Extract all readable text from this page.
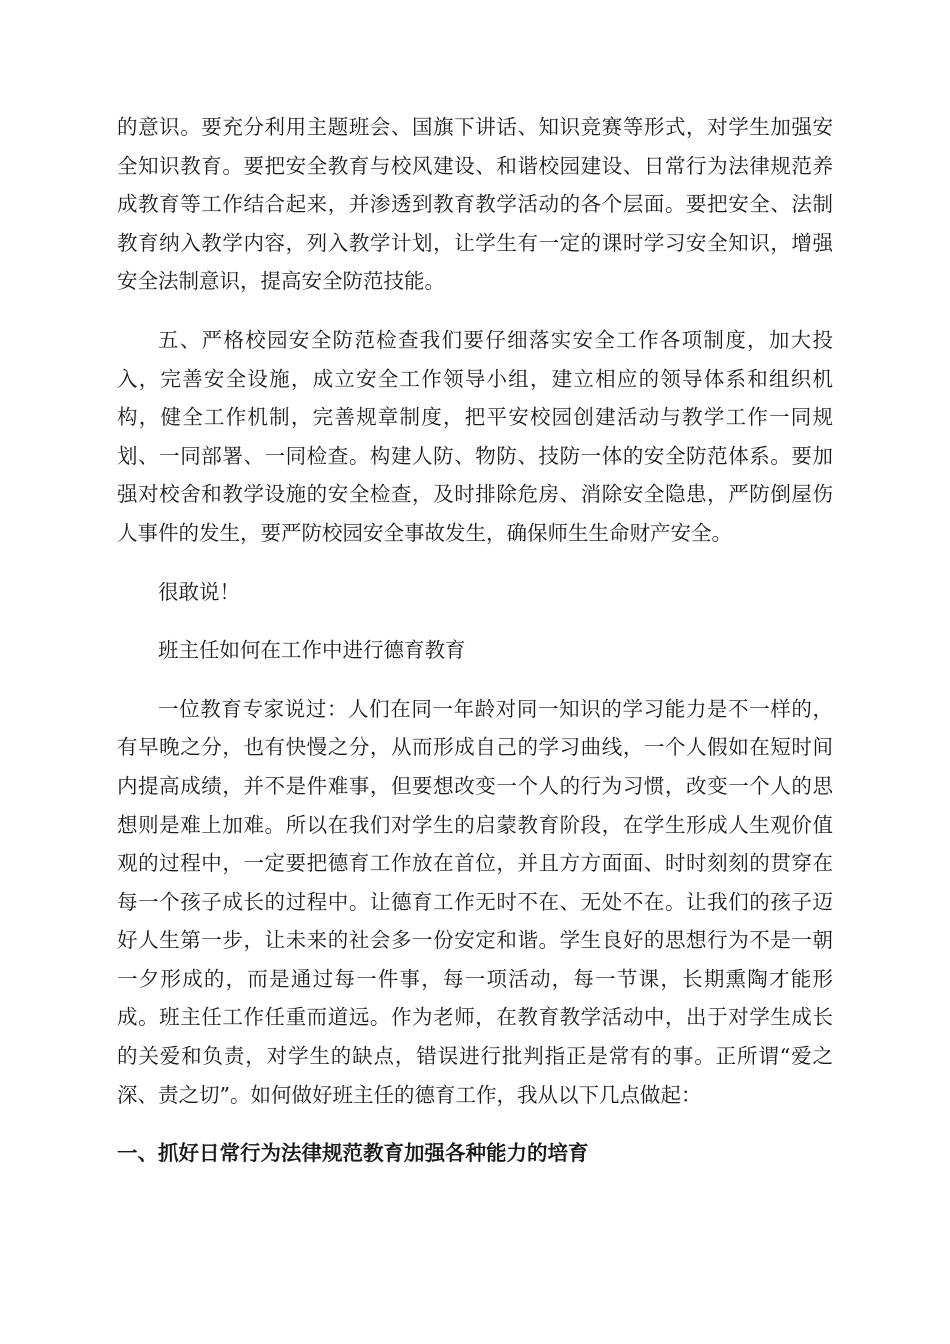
的意识。要充分利用主题班会、国旗下讲话、知识竞赛等形式，对学生加强安全知识教育。要把安全教育与校风建设、和谐校园建设、日常行为法律规范养成教育等工作结合起来，并渗透到教育教学活动的各个层面。要把安全、法制教育纳入教学内容，列入教学计划，让学生有一定的课时学习安全知识，增强安全法制意识，提高安全防范技能。

五、严格校园安全防范检查我们要仔细落实安全工作各项制度，加大投入，完善安全设施，成立安全工作领导小组，建立相应的领导体系和组织机构，健全工作机制，完善规章制度，把平安校园创建活动与教学工作一同规划、一同部署、一同检查。构建人防、物防、技防一体的安全防范体系。要加强对校舍和教学设施的安全检查，及时排除危房、消除安全隐患，严防倒屋伤人事件的发生，要严防校园安全事故发生，确保师生生命财产安全。

很敢说！

班主任如何在工作中进行德育教育

一位教育专家说过：人们在同一年龄对同一知识的学习能力是不一样的，有早晚之分，也有快慢之分，从而形成自己的学习曲线，一个人假如在短时间内提高成绩，并不是件难事，但要想改变一个人的行为习惯，改变一个人的思想则是难上加难。所以在我们对学生的启蒙教育阶段，在学生形成人生观价值观的过程中，一定要把德育工作放在首位，并且方方面面、时时刻刻的贯穿在每一个孩子成长的过程中。让德育工作无时不在、无处不在。让我们的孩子迈好人生第一步，让未来的社会多一份安定和谐。学生良好的思想行为不是一朝一夕形成的，而是通过每一件事，每一项活动，每一节课，长期熏陶才能形成。班主任工作任重而道远。作为老师，在教育教学活动中，出于对学生成长的关爱和负责，对学生的缺点，错误进行批判指正是常有的事。正所谓“爱之深、责之切”。如何做好班主任的德育工作，我从以下几点做起：

一、抓好日常行为法律规范教育加强各种能力的培育
